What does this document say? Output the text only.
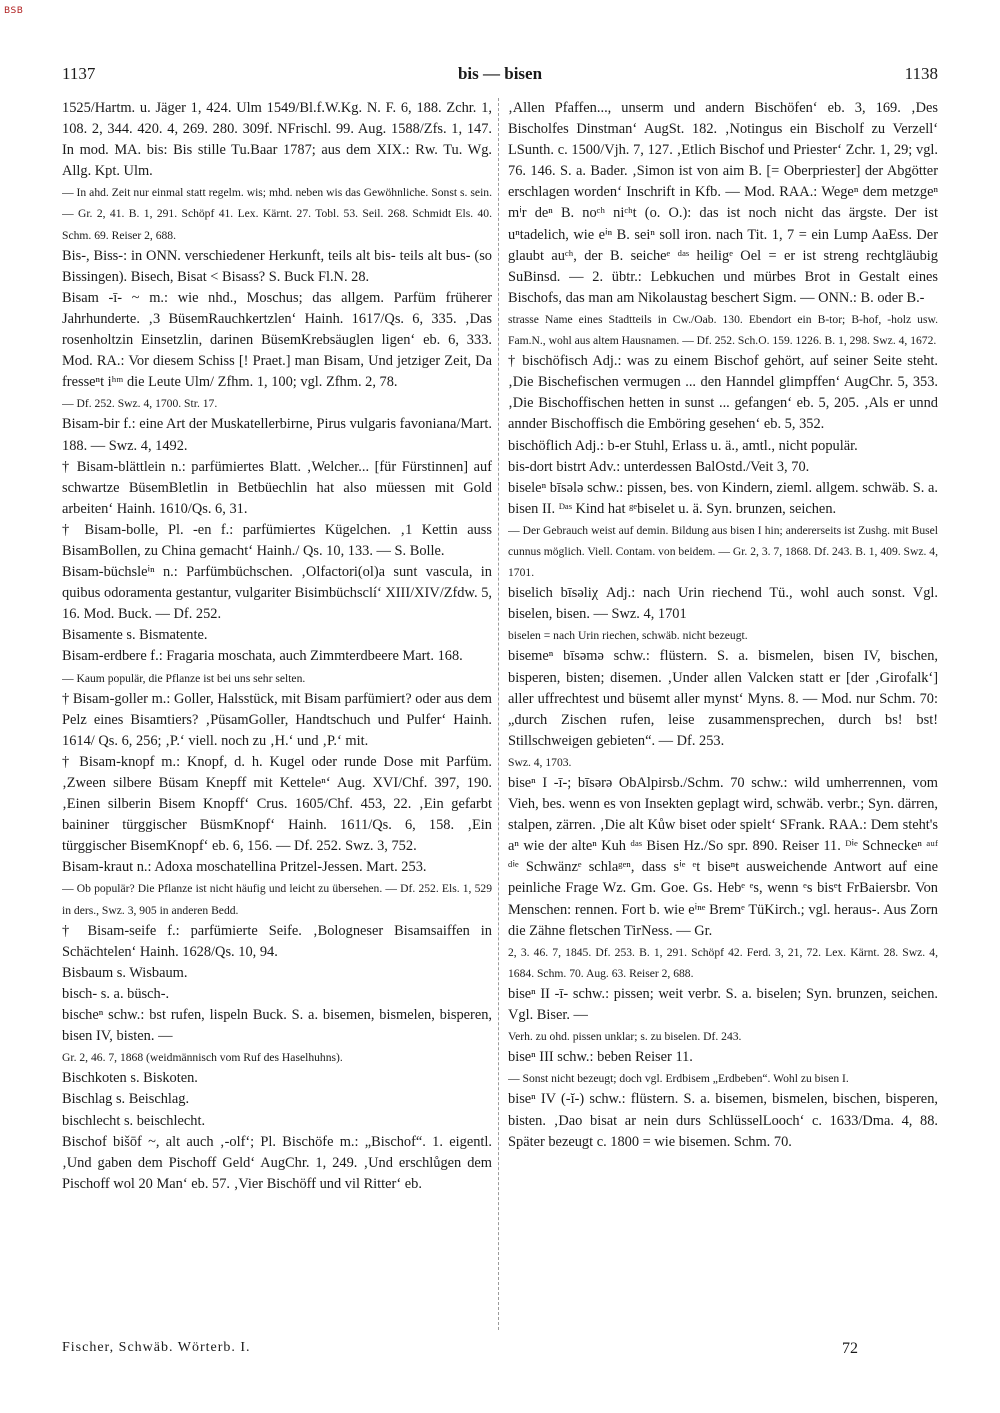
BSB
1137	bis — bisen	1138

1525/Hartm. u. Jäger 1, 424. Ulm 1549/Bl.f.W.Kg. N. F. 6, 188. Zchr. 1, 108. 2, 344. 420. 4, 269. 280. 309f. NFrischl. 99. Aug. 1588/Zfs. 1, 147. In mod. MA. bis: Bis stille Tu.Baar 1787; aus dem XIX.: Rw. Tu. Wg. Allg. Kpt. Ulm.

— In ahd. Zeit nur einmal statt regelm. wis; mhd. neben wis das Gewöhnliche. Sonst s. sein. — Gr. 2, 41. B. 1, 291. Schöpf 41. Lex. Kärnt. 27. Tobl. 53. Seil. 268. Schmidt Els. 40. Schm. 69. Reiser 2, 688.

Bis-, Biss-: in ONN. verschiedener Herkunft, teils alt bis- teils alt bus- (so Bissingen). Bisech, Bisat < Bisass? S. Buck Fl.N. 28.

Bisam -ī- ~ m.: wie nhd., Moschus; das allgem. Parfüm früherer Jahrhunderte. ‚3 BüsemRauchkertzlen‘ Hainh. 1617/Qs. 6, 335. ‚Das rosenholtzin Einsetzlin, darinen BüsemKrebsäuglen ligen‘ eb. 6, 333. Mod. RA.: Vor diesem Schiss [! Praet.] man Bisam, Und jetziger Zeit, Da fresseⁿt iʰᵐ die Leute Ulm/ Zfhm. 1, 100; vgl. Zfhm. 2, 78.

— Df. 252. Swz. 4, 1700. Str. 17.

Bisam-bir f.: eine Art der Muskatellerbirne, Pirus vulgaris favoniana/Mart. 188. — Swz. 4, 1492.

† Bisam-blättlein n.: parfümiertes Blatt. ‚Welcher... [für Fürstinnen] auf schwartze BüsemBletlin in Betbüechlin hat also müessen mit Gold arbeiten‘ Hainh. 1610/Qs. 6, 31.

† Bisam-bolle, Pl. -en f.: parfümiertes Kügelchen. ‚1 Kettin auss BisamBollen, zu China gemacht‘ Hainh./ Qs. 10, 133. — S. Bolle.

Bisam-büchsleⁱⁿ n.: Parfümbüchschen. ‚Olfactori(ol)a sunt vascula, in quibus odoramenta gestantur, vulgariter Bisimbüchsclí‘ XIII/XIV/Zfdw. 5, 16. Mod. Buck. — Df. 252.

Bisamente s. Bismatente.

Bisam-erdbere f.: Fragaria moschata, auch Zimmterdbeere Mart. 168.

— Kaum populär, die Pflanze ist bei uns sehr selten.

† Bisam-goller m.: Goller, Halsstück, mit Bisam parfümiert? oder aus dem Pelz eines Bisamtiers? ‚PüsamGoller, Handtschuch und Pulfer‘ Hainh. 1614/ Qs. 6, 256; ‚P.‘ viell. noch zu ‚H.‘ und ‚P.‘ mit.

† Bisam-knopf m.: Knopf, d. h. Kugel oder runde Dose mit Parfüm. ‚Zween silbere Büsam Knepff mit Ketteleⁿ‘ Aug. XVI/Chf. 397, 190. ‚Einen silberin Bisem Knopff‘ Crus. 1605/Chf. 453, 22. ‚Ein gefarbt baininer türggischer BüsmKnopf‘ Hainh. 1611/Qs. 6, 158. ‚Ein türggischer BisemKnopf‘ eb. 6, 156. — Df. 252. Swz. 3, 752.

Bisam-kraut n.: Adoxa moschatellina Pritzel-Jessen. Mart. 253.

— Ob populär? Die Pflanze ist nicht häufig und leicht zu übersehen. — Df. 252. Els. 1, 529 in ders., Swz. 3, 905 in anderen Bedd.

† Bisam-seife f.: parfümierte Seife. ‚Bologneser Bisamsaiffen in Schächtelen‘ Hainh. 1628/Qs. 10, 94.

Bisbaum s. Wisbaum.

bisch- s. a. büsch-.

bischeⁿ schw.: bst rufen, lispeln Buck. S. a. bisemen, bismelen, bisperen, bisen IV, bisten. —

Gr. 2, 46. 7, 1868 (weidmännisch vom Ruf des Haselhuhns).

Bischkoten s. Biskoten.

Bischlag s. Beischlag.

bischlecht s. beischlecht.

Bischof bišōf ~, alt auch ‚-olf‘; Pl. Bischöfe m.: „Bischof“. 1. eigentl. ‚Und gaben dem Pischoff Geld‘ AugChr. 1, 249. ‚Und erschlůgen dem Pischoff wol 20 Man‘ eb. 57. ‚Vier Bischöff und vil Ritter‘ eb.

‚Allen Pfaffen..., unserm und andern Bischöfen‘ eb. 3, 169. ‚Des Bischolfes Dinstman‘ AugSt. 182. ‚Notingus ein Bischolf zu Verzell‘ LSunth. c. 1500/Vjh. 7, 127. ‚Etlich Bischof und Priester‘ Zchr. 1, 29; vgl. 76. 146. S. a. Bader. ‚Simon ist von aim B. [= Oberpriester] der Abgötter erschlagen worden‘ Inschrift in Kfb. — Mod. RAA.: Wegeⁿ dem metzgeⁿ mⁱr deⁿ B. noᶜʰ niᶜʰt (o. O.): das ist noch nicht das ärgste. Der ist uⁿtadelich, wie eⁱⁿ B. seiⁿ soll iron. nach Tit. 1, 7 = ein Lump AaEss. Der glaubt auᶜʰ, der B. seicheᵉ ᵈᵃˢ heiligᵉ Oel = er ist streng rechtgläubig SuBinsd. — 2. übtr.: Lebkuchen und mürbes Brot in Gestalt eines Bischofs, das man am Nikolaustag beschert Sigm. — ONN.: B. oder B.-

strasse Name eines Stadtteils in Cw./Oab. 130. Ebendort ein B-tor; B-hof, -holz usw. Fam.N., wohl aus altem Hausnamen. — Df. 252. Sch.O. 159. 1226. B. 1, 298. Swz. 4, 1672.

† bischöfisch Adj.: was zu einem Bischof gehört, auf seiner Seite steht. ‚Die Bischefischen vermugen ... den Hanndel glimpffen‘ AugChr. 5, 353. ‚Die Bischoffischen hetten in sunst ... gefangen‘ eb. 5, 205. ‚Als er unnd annder Bischoffisch die Emböring gesehen‘ eb. 5, 352.

bischöflich Adj.: b-er Stuhl, Erlass u. ä., amtl., nicht populär.

bis-dort bistrt Adv.: unterdessen BalOstd./Veit 3, 70.

biseleⁿ bīsələ schw.: pissen, bes. von Kindern, zieml. allgem. schwäb. S. a. bisen II. ᴰᵃˢ Kind hat ᵍᵉbiselet u. ä. Syn. brunzen, seichen.

— Der Gebrauch weist auf demin. Bildung aus bisen I hin; andererseits ist Zushg. mit Busel cunnus möglich. Viell. Contam. von beidem. — Gr. 2, 3. 7, 1868. Df. 243. B. 1, 409. Swz. 4, 1701.

biselich bīsəliχ Adj.: nach Urin riechend Tü., wohl auch sonst. Vgl. biselen, bisen. — Swz. 4, 1701

biselen = nach Urin riechen, schwäb. nicht bezeugt.

bisemeⁿ bīsəmə schw.: flüstern. S. a. bismelen, bisen IV, bischen, bisperen, bisten; disemen. ‚Under allen Valcken statt er [der ‚Girofalk‘] aller uffrechtest und büsemt aller mynst‘ Myns. 8. — Mod. nur Schm. 70: „durch Zischen rufen, leise zusammensprechen, durch bs! bst! Stillschweigen gebieten“. — Df. 253.

Swz. 4, 1703.

biseⁿ I -ī-; bīsərə ObAlpirsb./Schm. 70 schw.: wild umherrennen, vom Vieh, bes. wenn es von Insekten geplagt wird, schwäb. verbr.; Syn. därren, stalpen, zärren. ‚Die alt Kůw biset oder spielt‘ SFrank. RAA.: Dem steht's aⁿ wie der alteⁿ Kuh ᵈᵃˢ Bisen Hz./So spr. 890. Reiser 11. ᴰⁱᵉ Schneckeⁿ ᵃᵘᶠ ᵈⁱᵉ Schwänzᵉ schlaᵍᵉⁿ, dass sⁱᵉ ᵉt biseⁿt ausweichende Antwort auf eine peinliche Frage Wz. Gm. Goe. Gs. Hebᵉ ᵉs, wenn ᵉs bisᵉt FrBaiersbr. Von Menschen: rennen. Fort b. wie eⁱⁿᵉ Bremᵉ TüKirch.; vgl. heraus-. Aus Zorn die Zähne fletschen TirNess. — Gr.

2, 3. 46. 7, 1845. Df. 253. B. 1, 291. Schöpf 42. Ferd. 3, 21, 72. Lex. Kärnt. 28. Swz. 4, 1684. Schm. 70. Aug. 63. Reiser 2, 688.

biseⁿ II -ī- schw.: pissen; weit verbr. S. a. biselen; Syn. brunzen, seichen. Vgl. Biser. —

Verh. zu ohd. pissen unklar; s. zu biselen. Df. 243.

biseⁿ III schw.: beben Reiser 11.

— Sonst nicht bezeugt; doch vgl. Erdbisem „Erdbeben“. Wohl zu bisen I.

biseⁿ IV (-ĭ-) schw.: flüstern. S. a. bisemen, bismelen, bischen, bisperen, bisten. ‚Dao bisat ar nein durs SchlüsselLooch‘ c. 1633/Dma. 4, 88. Später bezeugt c. 1800 = wie bisemen. Schm. 70.

Fischer, Schwäb. Wörterb. I.	72
